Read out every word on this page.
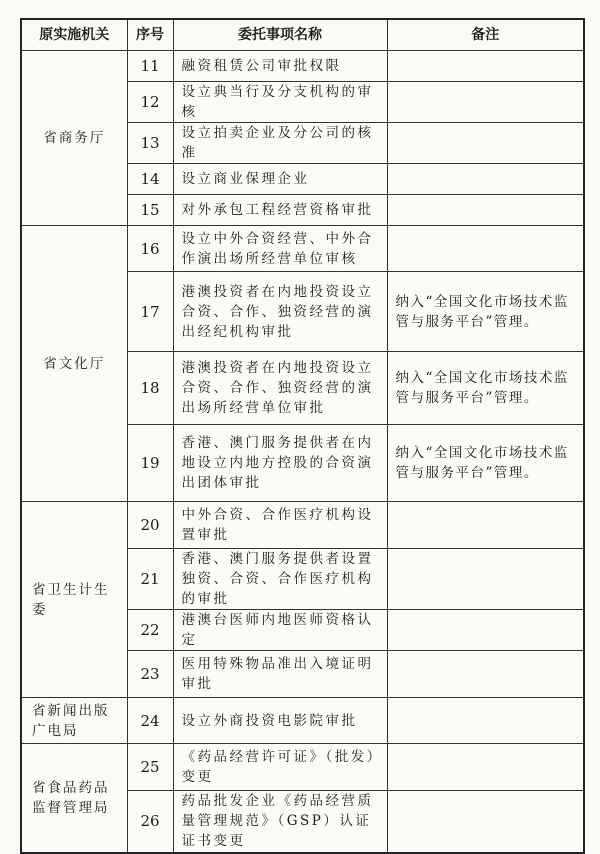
原实施机关	序号	委托事项名称	备注
省商务厅	11	融资租赁公司审批权限	
	12	设立典当行及分支机构的审核	
	13	设立拍卖企业及分公司的核准	
	14	设立商业保理企业	
	15	对外承包工程经营资格审批	
省文化厅	16	设立中外合资经营、中外合作演出场所经营单位审核	
	17	港澳投资者在内地投资设立合资、合作、独资经营的演出经纪机构审批	纳入“全国文化市场技术监管与服务平台”管理。
	18	港澳投资者在内地投资设立合资、合作、独资经营的演出场所经营单位审批	纳入“全国文化市场技术监管与服务平台”管理。
	19	香港、澳门服务提供者在内地设立内地方控股的合资演出团体审批	纳入“全国文化市场技术监管与服务平台”管理。
省卫生计生委	20	中外合资、合作医疗机构设置审批	
	21	香港、澳门服务提供者设置独资、合资、合作医疗机构的审批	
	22	港澳台医师内地医师资格认定	
	23	医用特殊物品准出入境证明审批	
省新闻出版广电局	24	设立外商投资电影院审批	
省食品药品监督管理局	25	《药品经营许可证》（批发）变更	
	26	药品批发企业《药品经营质量管理规范》（GSP）认证证书变更	
